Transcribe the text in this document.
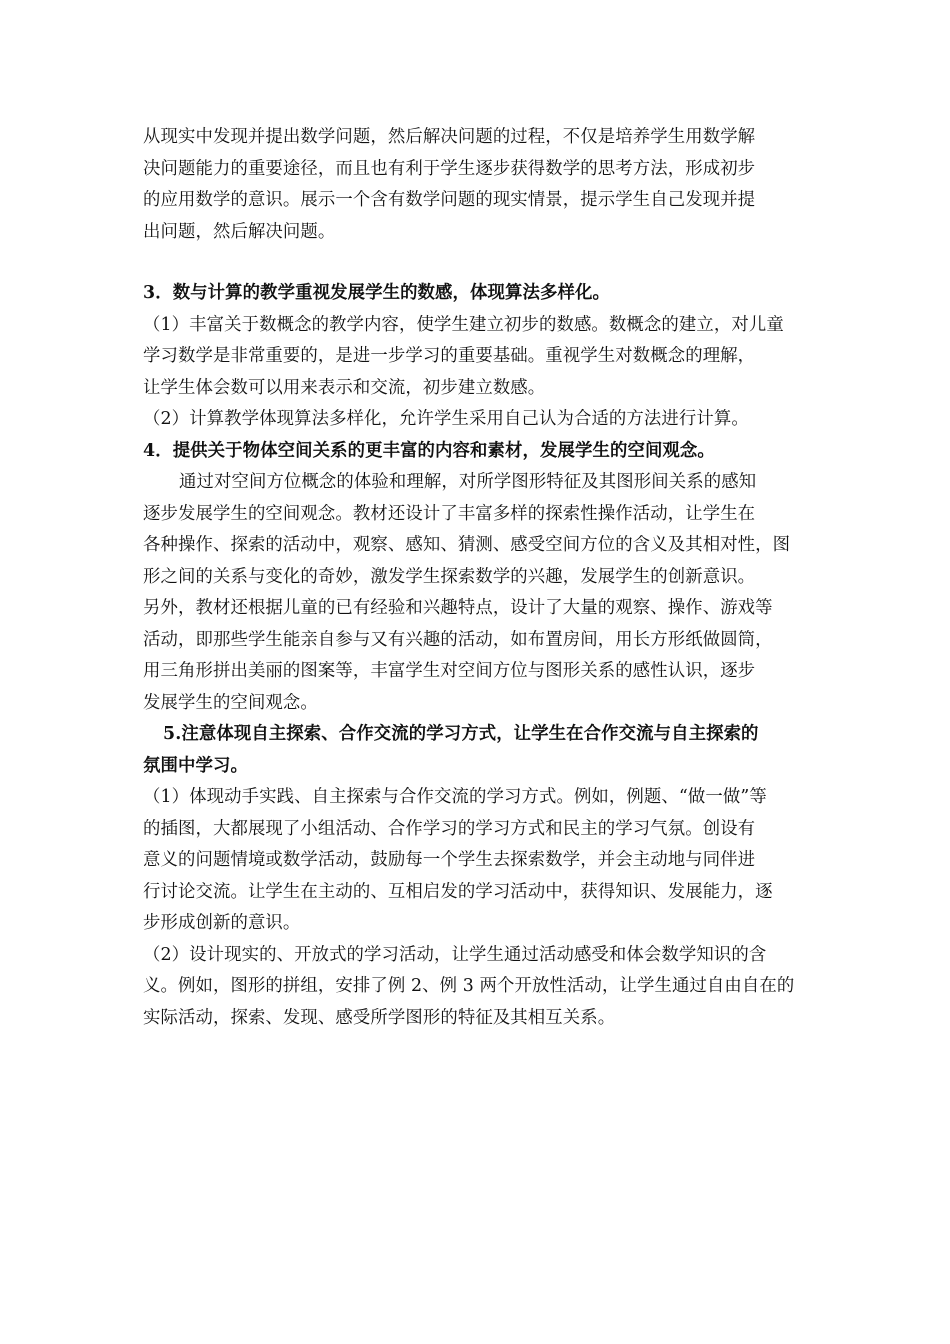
从现实中发现并提出数学问题，然后解决问题的过程，不仅是培养学生用数学解
决问题能力的重要途径，而且也有利于学生逐步获得数学的思考方法，形成初步
的应用数学的意识。展示一个含有数学问题的现实情景，提示学生自己发现并提
出问题，然后解决问题。
3．数与计算的教学重视发展学生的数感，体现算法多样化。
（1）丰富关于数概念的教学内容，使学生建立初步的数感。数概念的建立，对儿童
学习数学是非常重要的，是进一步学习的重要基础。重视学生对数概念的理解，
让学生体会数可以用来表示和交流，初步建立数感。
（2）计算教学体现算法多样化，允许学生采用自己认为合适的方法进行计算。
4．提供关于物体空间关系的更丰富的内容和素材，发展学生的空间观念。
通过对空间方位概念的体验和理解，对所学图形特征及其图形间关系的感知
逐步发展学生的空间观念。教材还设计了丰富多样的探索性操作活动，让学生在
各种操作、探索的活动中，观察、感知、猜测、感受空间方位的含义及其相对性，图
形之间的关系与变化的奇妙，激发学生探索数学的兴趣，发展学生的创新意识。
另外，教材还根据儿童的已有经验和兴趣特点，设计了大量的观察、操作、游戏等
活动，即那些学生能亲自参与又有兴趣的活动，如布置房间，用长方形纸做圆筒，
用三角形拼出美丽的图案等，丰富学生对空间方位与图形关系的感性认识，逐步
发展学生的空间观念。
5.注意体现自主探索、合作交流的学习方式，让学生在合作交流与自主探索的
氛围中学习。
（1）体现动手实践、自主探索与合作交流的学习方式。例如，例题、“做一做”等
的插图，大都展现了小组活动、合作学习的学习方式和民主的学习气氛。创设有
意义的问题情境或数学活动，鼓励每一个学生去探索数学，并会主动地与同伴进
行讨论交流。让学生在主动的、互相启发的学习活动中，获得知识、发展能力，逐
步形成创新的意识。
（2）设计现实的、开放式的学习活动，让学生通过活动感受和体会数学知识的含
义。例如，图形的拼组，安排了例 2、例 3 两个开放性活动，让学生通过自由自在的
实际活动，探索、发现、感受所学图形的特征及其相互关系。
